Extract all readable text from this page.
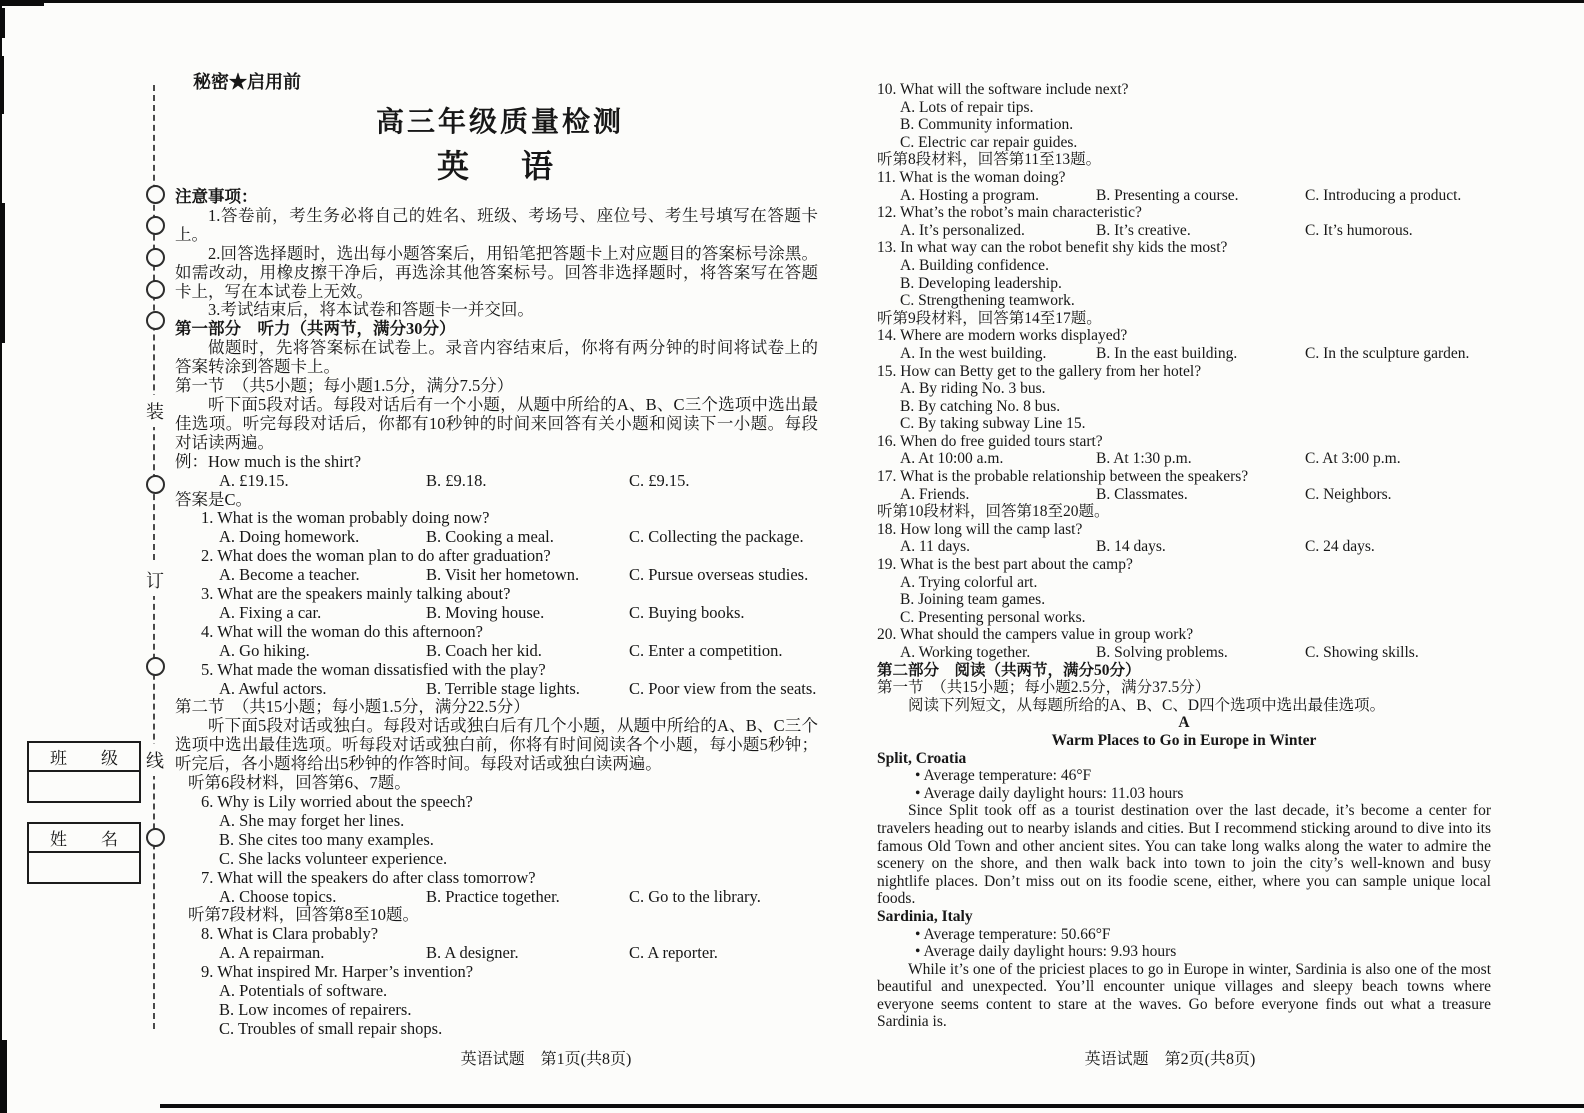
装
订
线
班　　级
姓　　名
秘密★启用前
高三年级质量检测
英　语
注意事项：
1.答卷前，考生务必将自己的姓名、班级、考场号、座位号、考生号填写在答题卡上。
2.回答选择题时，选出每小题答案后，用铅笔把答题卡上对应题目的答案标号涂黑。如需改动，用橡皮擦干净后，再选涂其他答案标号。回答非选择题时，将答案写在答题卡上，写在本试卷上无效。
3.考试结束后，将本试卷和答题卡一并交回。
第一部分　听力（共两节，满分30分）
做题时，先将答案标在试卷上。录音内容结束后，你将有两分钟的时间将试卷上的答案转涂到答题卡上。
第一节　（共5小题；每小题1.5分，满分7.5分）
听下面5段对话。每段对话后有一个小题，从题中所给的A、B、C三个选项中选出最佳选项。听完每段对话后，你都有10秒钟的时间来回答有关小题和阅读下一小题。每段对话读两遍。
例：How much is the shirt?
A. £19.15.	B. £9.18.	C. £9.15.
答案是C。
1. What is the woman probably doing now?
A. Doing homework.	B. Cooking a meal.	C. Collecting the package.
2. What does the woman plan to do after graduation?
A. Become a teacher.	B. Visit her hometown.	C. Pursue overseas studies.
3. What are the speakers mainly talking about?
A. Fixing a car.	B. Moving house.	C. Buying books.
4. What will the woman do this afternoon?
A. Go hiking.	B. Coach her kid.	C. Enter a competition.
5. What made the woman dissatisfied with the play?
A. Awful actors.	B. Terrible stage lights.	C. Poor view from the seats.
第二节　（共15小题；每小题1.5分，满分22.5分）
听下面5段对话或独白。每段对话或独白后有几个小题，从题中所给的A、B、C三个选项中选出最佳选项。听每段对话或独白前，你将有时间阅读各个小题，每小题5秒钟；听完后，各小题将给出5秒钟的作答时间。每段对话或独白读两遍。
听第6段材料，回答第6、7题。
6. Why is Lily worried about the speech?
A. She may forget her lines.
B. She cites too many examples.
C. She lacks volunteer experience.
7. What will the speakers do after class tomorrow?
A. Choose topics.	B. Practice together.	C. Go to the library.
听第7段材料，回答第8至10题。
8. What is Clara probably?
A. A repairman.	B. A designer.	C. A reporter.
9. What inspired Mr. Harper’s invention?
A. Potentials of software.
B. Low incomes of repairers.
C. Troubles of small repair shops.
10. What will the software include next?
A. Lots of repair tips.
B. Community information.
C. Electric car repair guides.
听第8段材料，回答第11至13题。
11. What is the woman doing?
A. Hosting a program.	B. Presenting a course.	C. Introducing a product.
12. What’s the robot’s main characteristic?
A. It’s personalized.	B. It’s creative.	C. It’s humorous.
13. In what way can the robot benefit shy kids the most?
A. Building confidence.
B. Developing leadership.
C. Strengthening teamwork.
听第9段材料，回答第14至17题。
14. Where are modern works displayed?
A. In the west building.	B. In the east building.	C. In the sculpture garden.
15. How can Betty get to the gallery from her hotel?
A. By riding No. 3 bus.
B. By catching No. 8 bus.
C. By taking subway Line 15.
16. When do free guided tours start?
A. At 10:00 a.m.	B. At 1:30 p.m.	C. At 3:00 p.m.
17. What is the probable relationship between the speakers?
A. Friends.	B. Classmates.	C. Neighbors.
听第10段材料，回答第18至20题。
18. How long will the camp last?
A. 11 days.	B. 14 days.	C. 24 days.
19. What is the best part about the camp?
A. Trying colorful art.
B. Joining team games.
C. Presenting personal works.
20. What should the campers value in group work?
A. Working together.	B. Solving problems.	C. Showing skills.
第二部分　阅读（共两节，满分50分）
第一节　（共15小题；每小题2.5分，满分37.5分）
阅读下列短文，从每题所给的A、B、C、D四个选项中选出最佳选项。
A
Warm Places to Go in Europe in Winter
Split, Croatia
• Average temperature: 46°F
• Average daily daylight hours: 11.03 hours
Since Split took off as a tourist destination over the last decade, it’s become a center for travelers heading out to nearby islands and cities. But I recommend sticking around to dive into its famous Old Town and other ancient sites. You can take long walks along the water to admire the scenery on the shore, and then walk back into town to join the city’s well-known and busy nightlife places. Don’t miss out on its foodie scene, either, where you can sample unique local foods.
Sardinia, Italy
• Average temperature: 50.66°F
• Average daily daylight hours: 9.93 hours
While it’s one of the priciest places to go in Europe in winter, Sardinia is also one of the most beautiful and unexpected. You’ll encounter unique villages and sleepy beach towns where everyone seems content to stare at the waves. Go before everyone finds out what a treasure Sardinia is.
英语试题　第1页(共8页)	英语试题　第2页(共8页)
